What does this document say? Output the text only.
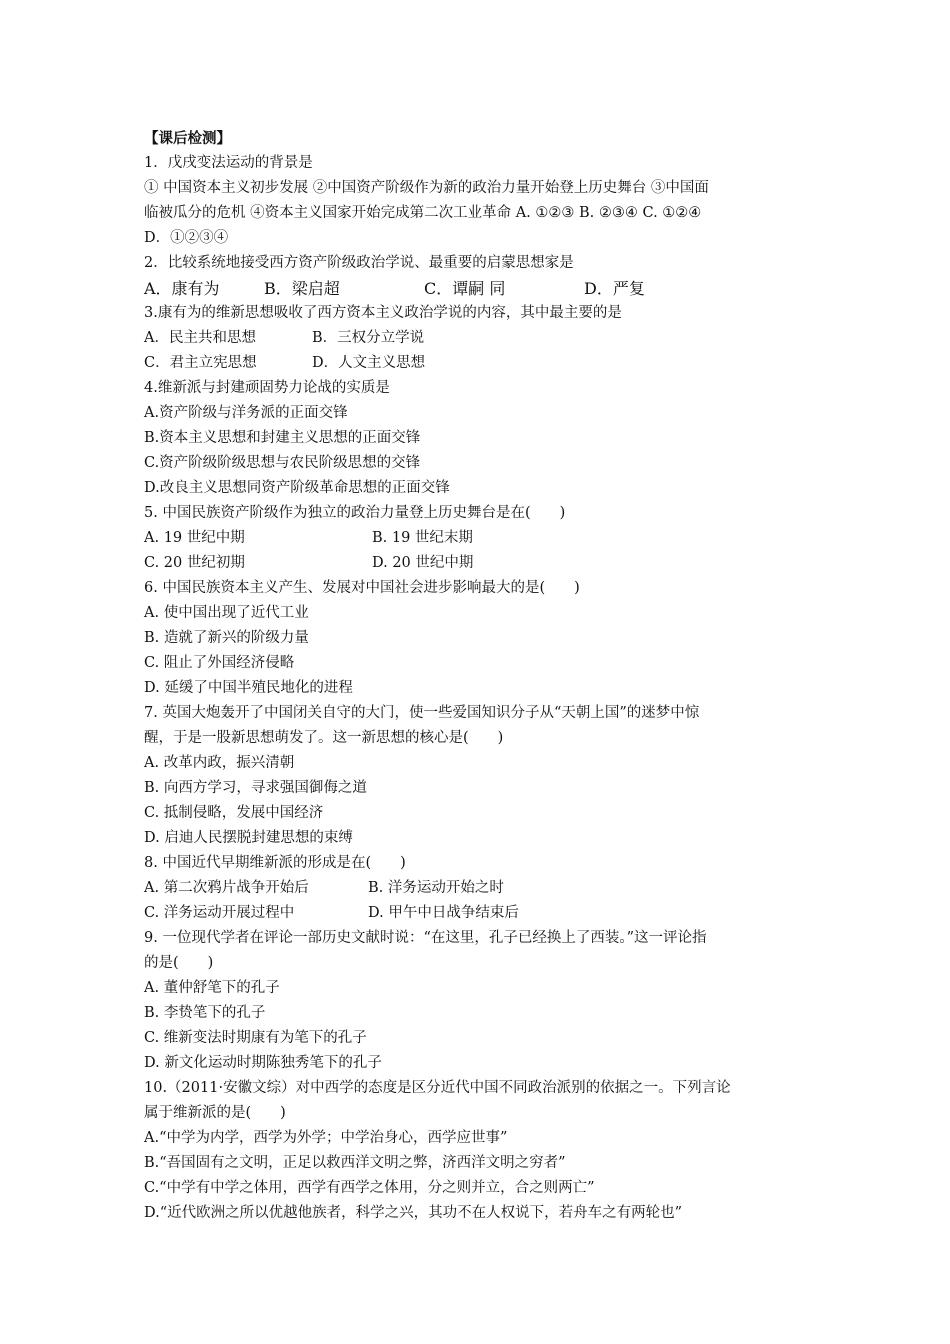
【课后检测】
1．戊戌变法运动的背景是
① 中国资本主义初步发展 ②中国资产阶级作为新的政治力量开始登上历史舞台 ③中国面
临被瓜分的危机 ④资本主义国家开始完成第二次工业革命 A. ①②③ B. ②③④ C. ①②④
D．①②③④
2．比较系统地接受西方资产阶级政治学说、最重要的启蒙思想家是
A．康有为	B．梁启超	C．谭嗣 同	D．严复
3.康有为的维新思想吸收了西方资本主义政治学说的内容，其中最主要的是
A．民主共和思想	B．三权分立学说
C．君主立宪思想	D．人文主义思想
4.维新派与封建顽固势力论战的实质是
A.资产阶级与洋务派的正面交锋
B.资本主义思想和封建主义思想的正面交锋
C.资产阶级阶级思想与农民阶级思想的交锋
D.改良主义思想同资产阶级革命思想的正面交锋
5. 中国民族资产阶级作为独立的政治力量登上历史舞台是在(　　)
A. 19 世纪中期	B. 19 世纪末期
C. 20 世纪初期	D. 20 世纪中期
6. 中国民族资本主义产生、发展对中国社会进步影响最大的是(　　)
A. 使中国出现了近代工业
B. 造就了新兴的阶级力量
C. 阻止了外国经济侵略
D. 延缓了中国半殖民地化的进程
7. 英国大炮轰开了中国闭关自守的大门，使一些爱国知识分子从“天朝上国”的迷梦中惊
醒，于是一股新思想萌发了。这一新思想的核心是(　　)
A. 改革内政，振兴清朝
B. 向西方学习，寻求强国御侮之道
C. 抵制侵略，发展中国经济
D. 启迪人民摆脱封建思想的束缚
8. 中国近代早期维新派的形成是在(　　)
A. 第二次鸦片战争开始后	B. 洋务运动开始之时
C. 洋务运动开展过程中	D. 甲午中日战争结束后
9. 一位现代学者在评论一部历史文献时说：“在这里，孔子已经换上了西装。”这一评论指
的是(　　)
A. 董仲舒笔下的孔子
B. 李贽笔下的孔子
C. 维新变法时期康有为笔下的孔子
D. 新文化运动时期陈独秀笔下的孔子
10.（2011·安徽文综）对中西学的态度是区分近代中国不同政治派别的依据之一。下列言论
属于维新派的是(　　)
A.“中学为内学，西学为外学；中学治身心，西学应世事”
B.“吾国固有之文明，正足以救西洋文明之弊，济西洋文明之穷者”
C.“中学有中学之体用，西学有西学之体用，分之则并立，合之则两亡”
D.“近代欧洲之所以优越他族者，科学之兴，其功不在人权说下，若舟车之有两轮也”
